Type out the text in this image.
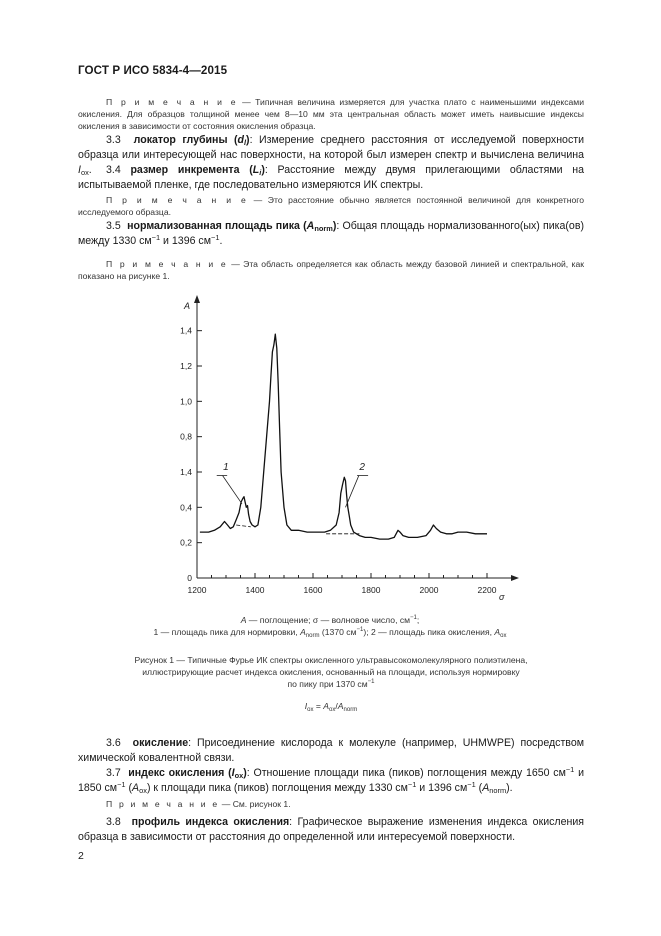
ГОСТ Р ИСО 5834-4—2015
П р и м е ч а н и е — Типичная величина измеряется для участка плато с наименьшими индексами окисления. Для образцов толщиной менее чем 8—10 мм эта центральная область может иметь наивысшие индексы окисления в зависимости от состояния окисления образца.
3.3 локатор глубины $(d_l)$: Измерение среднего расстояния от исследуемой поверхности образца или интересующей нас поверхности, на которой был измерен спектр и вычислена величина $I_{ox}$.	3.4 размер инкремента $(L_i)$: Расстояние между двумя прилегающими областями на испытываемой пленке, где последовательно измеряются ИК спектры.
П р и м е ч а н и е — Это расстояние обычно является постоянной величиной для конкретного исследуемого образца.
3.5 нормализованная площадь пика $(A_{norm})$: Общая площадь нормализованного(ых) пика(ов) между 1330 $см^{-1}$ и 1396 $см^{-1}$.
П р и м е ч а н и е — Эта область определяется как область между базовой линией и спектральной, как показано на рисунке 1.
A
σ
0
0,2
0,4
1,4
0,8
1,0
1,2
1,4
1200	1400	1600	1800	2000	2200
1	2
A — поглощение; σ — волновое число, $см^{-1}$;
1 — площадь пика для нормировки, $A_{norm}$ (1370 $см^{-1}$); 2 — площадь пика окисления, $A_{ox}$
Рисунок 1 — Типичные Фурье ИК спектры окисленного ультравысокомолекулярного полиэтилена,
иллюстрирующие расчет индекса окисления, основанный на площади, используя нормировку
по пику при 1370 $см^{-1}$
$I_{ox} = A_{ox}/A_{norm}$
3.6 окисление: Присоединение кислорода к молекуле (например, UHMWPE) посредством химической ковалентной связи.
3.7 индекс окисления $(I_{ox})$: Отношение площади пика (пиков) поглощения между 1650 $см^{-1}$ и 1850 $см^{-1}$ $(A_{ox})$ к площади пика (пиков) поглощения между 1330 $см^{-1}$ и 1396 $см^{-1}$ $(A_{norm})$.
П р и м е ч а н и е — См. рисунок 1.
3.8 профиль индекса окисления: Графическое выражение изменения индекса окисления образца в зависимости от расстояния до определенной или интересуемой поверхности.
2
